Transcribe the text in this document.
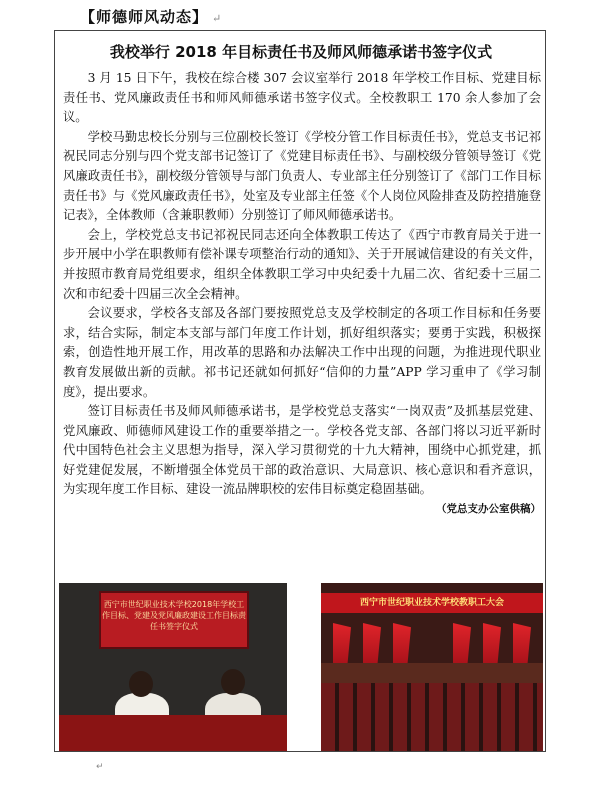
【师德师风动态】 ↵
我校举行 2018 年目标责任书及师风师德承诺书签字仪式

3 月 15 日下午，我校在综合楼 307 会议室举行 2018 年学校工作目标、党建目标责任书、党风廉政责任书和师风师德承诺书签字仪式。全校教职工 170 余人参加了会议。

学校马勤忠校长分别与三位副校长签订《学校分管工作目标责任书》，党总支书记祁祝民同志分别与四个党支部书记签订了《党建目标责任书》、与副校级分管领导签订《党风廉政责任书》，副校级分管领导与部门负责人、专业部主任分别签订了《部门工作目标责任书》与《党风廉政责任书》，处室及专业部主任签《个人岗位风险排查及防控措施登记表》，全体教师（含兼职教师）分别签订了师风师德承诺书。

会上，学校党总支书记祁祝民同志还向全体教职工传达了《西宁市教育局关于进一步开展中小学在职教师有偿补课专项整治行动的通知》、关于开展诚信建设的有关文件，并按照市教育局党组要求，组织全体教职工学习中央纪委十九届二次、省纪委十三届二次和市纪委十四届三次全会精神。

会议要求，学校各支部及各部门要按照党总支及学校制定的各项工作目标和任务要求，结合实际，制定本支部与部门年度工作计划，抓好组织落实；要勇于实践，积极探索，创造性地开展工作，用改革的思路和办法解决工作中出现的问题，为推进现代职业教育发展做出新的贡献。祁书记还就如何抓好“信仰的力量”APP 学习重申了《学习制度》，提出要求。

签订目标责任书及师风师德承诺书，是学校党总支落实“一岗双责”及抓基层党建、党风廉政、师德师风建设工作的重要举措之一。学校各党支部、各部门将以习近平新时代中国特色社会主义思想为指导，深入学习贯彻党的十九大精神，围绕中心抓党建，抓好党建促发展，不断增强全体党员干部的政治意识、大局意识、核心意识和看齐意识，为实现年度工作目标、建设一流品牌职校的宏伟目标奠定稳固基础。
（党总支办公室供稿）

西宁市世纪职业技术学校2018年学校工作目标、党建及党风廉政建设工作目标责任书签字仪式
西宁市世纪职业技术学校教职工大会
↵
